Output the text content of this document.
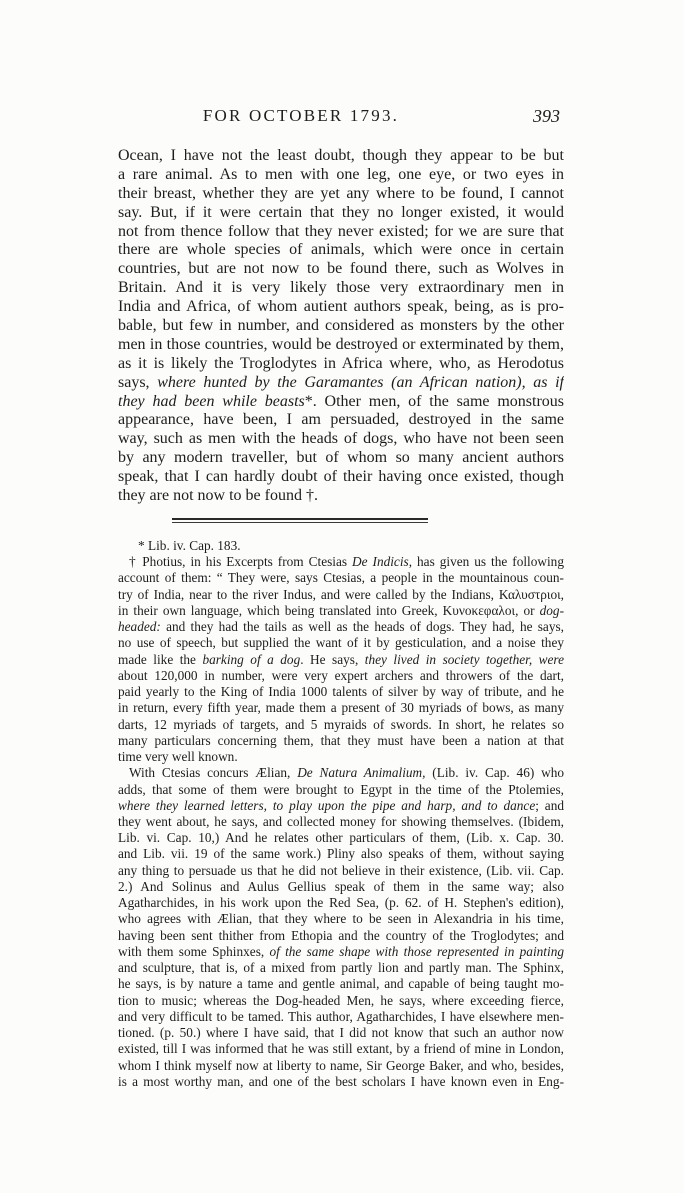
FOR OCTOBER 1793.	393
Ocean, I have not the least doubt, though they appear to be but
a rare animal. As to men with one leg, one eye, or two eyes in
their breast, whether they are yet any where to be found, I cannot
say. But, if it were certain that they no longer existed, it would
not from thence follow that they never existed; for we are sure that
there are whole species of animals, which were once in certain
countries, but are not now to be found there, such as Wolves in
Britain. And it is very likely those very extraordinary men in
India and Africa, of whom autient authors speak, being, as is pro-
bable, but few in number, and considered as monsters by the other
men in those countries, would be destroyed or exterminated by them,
as it is likely the Troglodytes in Africa where, who, as Herodotus
says, where hunted by the Garamantes (an African nation), as if
they had been while beasts*. Other men, of the same monstrous
appearance, have been, I am persuaded, destroyed in the same
way, such as men with the heads of dogs, who have not been seen
by any modern traveller, but of whom so many ancient authors
speak, that I can hardly doubt of their having once existed, though
they are not now to be found †.
* Lib. iv. Cap. 183.
† Photius, in his Excerpts from Ctesias De Indicis, has given us the following
account of them: “ They were, says Ctesias, a people in the mountainous coun-
try of India, near to the river Indus, and were called by the Indians, Καλυστριοι,
in their own language, which being translated into Greek, Κυνοκεφαλοι, or dog-
headed: and they had the tails as well as the heads of dogs. They had, he says,
no use of speech, but supplied the want of it by gesticulation, and a noise they
made like the barking of a dog. He says, they lived in society together, were
about 120,000 in number, were very expert archers and throwers of the dart,
paid yearly to the King of India 1000 talents of silver by way of tribute, and he
in return, every fifth year, made them a present of 30 myriads of bows, as many
darts, 12 myriads of targets, and 5 myraids of swords. In short, he relates so
many particulars concerning them, that they must have been a nation at that
time very well known.
With Ctesias concurs Ælian, De Natura Animalium, (Lib. iv. Cap. 46) who
adds, that some of them were brought to Egypt in the time of the Ptolemies,
where they learned letters, to play upon the pipe and harp, and to dance; and
they went about, he says, and collected money for showing themselves. (Ibidem,
Lib. vi. Cap. 10,) And he relates other particulars of them, (Lib. x. Cap. 30.
and Lib. vii. 19 of the same work.) Pliny also speaks of them, without saying
any thing to persuade us that he did not believe in their existence, (Lib. vii. Cap.
2.) And Solinus and Aulus Gellius speak of them in the same way; also
Agatharchides, in his work upon the Red Sea, (p. 62. of H. Stephen's edition),
who agrees with Ælian, that they where to be seen in Alexandria in his time,
having been sent thither from Ethopia and the country of the Troglodytes; and
with them some Sphinxes, of the same shape with those represented in painting
and sculpture, that is, of a mixed from partly lion and partly man. The Sphinx,
he says, is by nature a tame and gentle animal, and capable of being taught mo-
tion to music; whereas the Dog-headed Men, he says, where exceeding fierce,
and very difficult to be tamed. This author, Agatharchides, I have elsewhere men-
tioned. (p. 50.) where I have said, that I did not know that such an author now
existed, till I was informed that he was still extant, by a friend of mine in London,
whom I think myself now at liberty to name, Sir George Baker, and who, besides,
is a most worthy man, and one of the best scholars I have known even in Eng-
